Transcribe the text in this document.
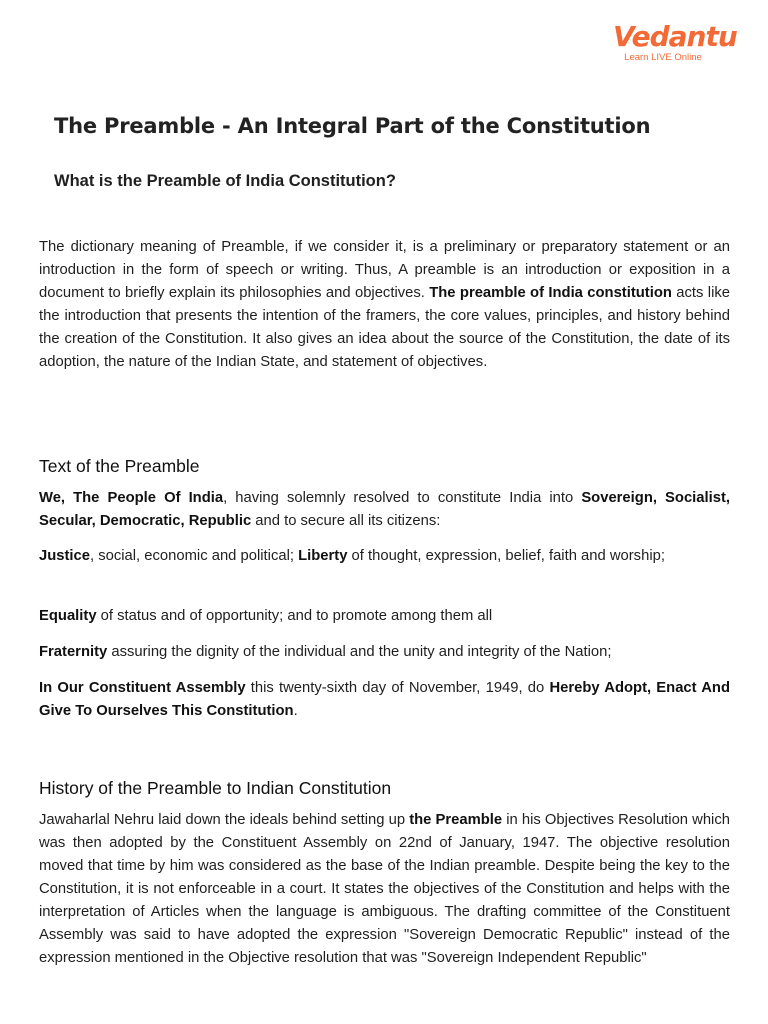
Vedantu
Learn LIVE Online
The Preamble - An Integral Part of the Constitution
What is the Preamble of India Constitution?

The dictionary meaning of Preamble, if we consider it, is a preliminary or preparatory statement or an introduction in the form of speech or writing. Thus, A preamble is an introduction or exposition in a document to briefly explain its philosophies and objectives. The preamble of India constitution acts like the introduction that presents the intention of the framers, the core values, principles, and history behind the creation of the Constitution. It also gives an idea about the source of the Constitution, the date of its adoption, the nature of the Indian State, and statement of objectives.

Text of the Preamble

We, The People Of India, having solemnly resolved to constitute India into Sovereign, Socialist, Secular, Democratic, Republic and to secure all its citizens:

Justice, social, economic and political; Liberty of thought, expression, belief, faith and worship;

Equality of status and of opportunity; and to promote among them all

Fraternity assuring the dignity of the individual and the unity and integrity of the Nation;

In Our Constituent Assembly this twenty-sixth day of November, 1949, do Hereby Adopt, Enact And Give To Ourselves This Constitution.

History of the Preamble to Indian Constitution

Jawaharlal Nehru laid down the ideals behind setting up the Preamble in his Objectives Resolution which was then adopted by the Constituent Assembly on 22nd of January, 1947. The objective resolution moved that time by him was considered as the base of the Indian preamble. Despite being the key to the Constitution, it is not enforceable in a court. It states the objectives of the Constitution and helps with the interpretation of Articles when the language is ambiguous. The drafting committee of the Constituent Assembly was said to have adopted the expression "Sovereign Democratic Republic" instead of the expression mentioned in the Objective resolution that was "Sovereign Independent Republic"
